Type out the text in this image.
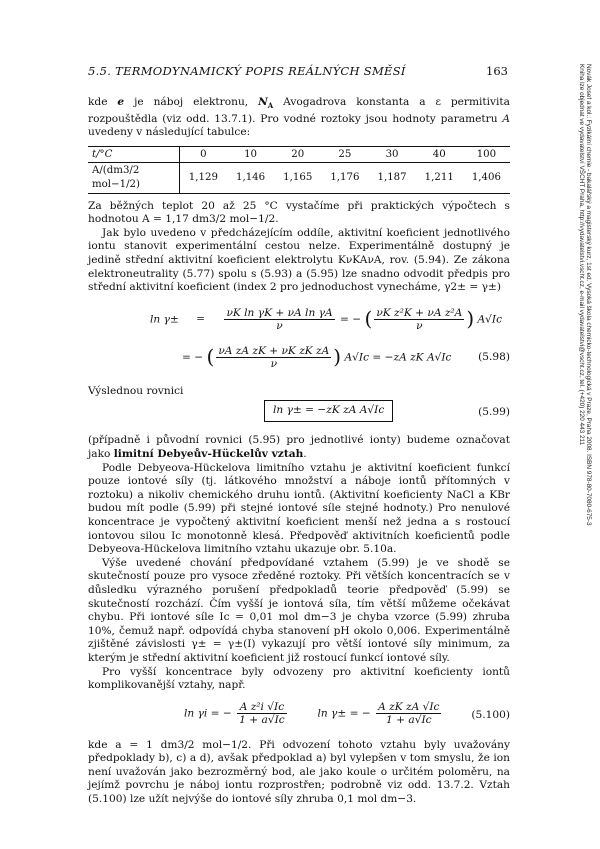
5.5. TERMODYNAMICKÝ POPIS REÁLNÝCH SMĚSÍ	163	Novák Josef a kol.: Fyzikální chemie - bakalářský a magisterský kurz, 1st ed. Vysoká škola chemicko-technologická v Praze, Praha 2008. ISBN 978-80-7080-675-3
Kniha lze objednat ve vydavatelství VŠCHT Praha, http://vydavatelstvi.vscht.cz, e-mail vydavatelstvi@vscht.cz, tel. (+420) 220 443 211

kde e je náboj elektronu, $N_A$ Avogadrova konstanta a ε permitivita rozpouštědla (viz odd. 13.7.1). Pro vodné roztoky jsou hodnoty parametru A uvedeny v následující tabulce:

t/°C	0	10	20	25	30	40	100
A/(dm3/2 mol−1/2)	1,129	1,146	1,165	1,176	1,187	1,211	1,406

Za běžných teplot 20 až 25 °C vystačíme při praktických výpočtech s hodnotou A = 1,17 dm3/2 mol−1/2.

Jak bylo uvedeno v předcházejícím oddíle, aktivitní koeficient jednotlivého iontu stanovit experimentální cestou nelze. Experimentálně dostupný je jedině střední aktivitní koeficient elektrolytu KνKAνA, rov. (5.94). Ze zákona elektroneutrality (5.77) spolu s (5.93) a (5.95) lze snadno odvodit předpis pro střední aktivitní koeficient (index 2 pro jednoduchost vynecháme, γ2± = γ±)

$\ln \gamma\pm = \frac{\text{νK ln γK + νA ln γA}}{\nu}$ = − ( $\frac{\text{νK z²K + νA z²A}}{\nu}$ ) A√Ic
= − ( $\frac{\text{νA zA zK + νK zK zA}}{\nu}$ ) A√Ic = −zA zK A√Ic	(5.98)

Výslednou rovnici

ln γ± = −zK zA A√Ic	(5.99)

(případně i původní rovnici (5.95) pro jednotlivé ionty) budeme označovat jako limitní Debyeův-Hückelův vztah.

Podle Debyeova-Hückelova limitního vztahu je aktivitní koeficient funkcí pouze iontové síly (tj. látkového množství a náboje iontů přítomných v roztoku) a nikoliv chemického druhu iontů. (Aktivitní koeficienty NaCl a KBr budou mít podle (5.99) při stejné iontové síle stejné hodnoty.) Pro nenulové koncentrace je vypočtený aktivitní koeficient menší než jedna a s rostoucí iontovou silou Ic monotonně klesá. Předpověď aktivitních koeficientů podle Debyeova-Hückelova limitního vztahu ukazuje obr. 5.10a.

Výše uvedené chování předpovídané vztahem (5.99) je ve shodě se skutečností pouze pro vysoce zředěné roztoky. Při větších koncentracích se v důsledku výrazného porušení předpokladů teorie předpověď (5.99) se skutečností rozchází. Čím vyšší je iontová síla, tím větší můžeme očekávat chybu. Při iontové síle Ic = 0,01 mol dm−3 je chyba vzorce (5.99) zhruba 10%, čemuž např. odpovídá chyba stanovení pH okolo 0,006. Experimentálně zjištěné závislosti γ± = γ±(I) vykazují pro větší iontové síly minimum, za kterým je střední aktivitní koeficient již rostoucí funkcí iontové síly.

Pro vyšší koncentrace byly odvozeny pro aktivitní koeficienty iontů komplikovanější vztahy, např.

ln γi = − $\frac{\text{A z²i √Ic}}{1 + a√Ic}$	ln γ± = − $\frac{\text{A zK zA √Ic}}{1 + a√Ic}$	(5.100)

kde a = 1 dm3/2 mol−1/2. Při odvození tohoto vztahu byly uvažovány předpoklady b), c) a d), avšak předpoklad a) byl vylepšen v tom smyslu, že ion není uvažován jako bezrozměrný bod, ale jako koule o určitém poloměru, na jejímž povrchu je náboj iontu rozprostřen; podrobně viz odd. 13.7.2. Vztah (5.100) lze užít nejvýše do iontové síly zhruba 0,1 mol dm−3.
